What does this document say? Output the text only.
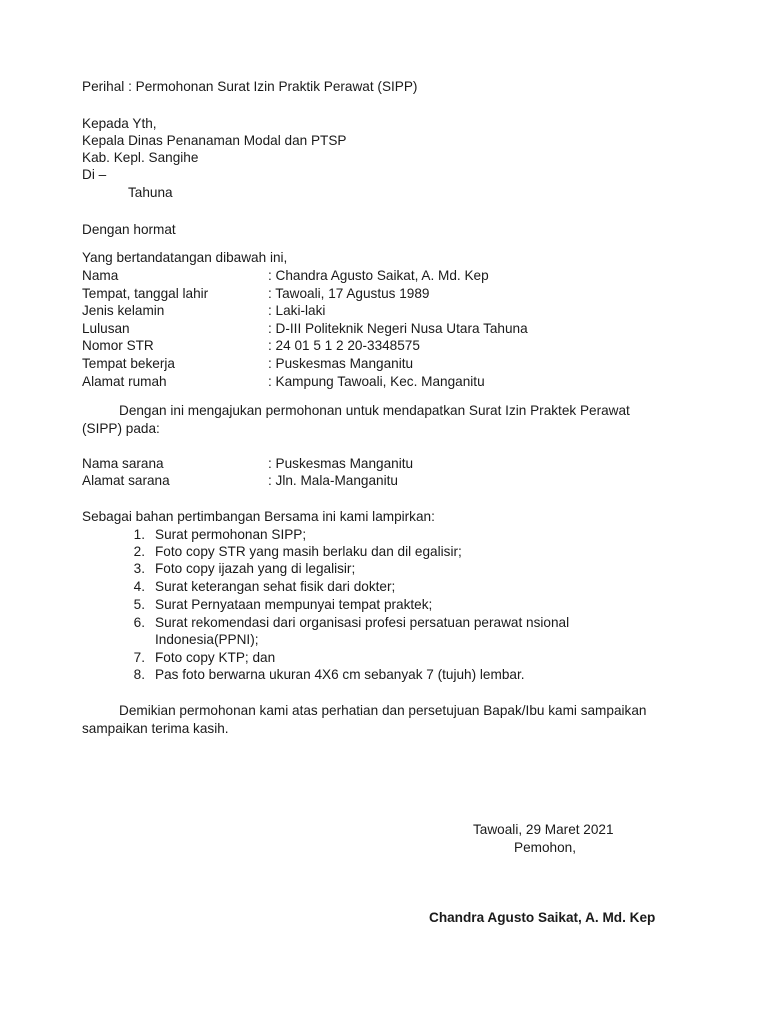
Perihal : Permohonan Surat Izin Praktik Perawat (SIPP)
Kepada Yth,
Kepala Dinas Penanaman Modal dan PTSP
Kab. Kepl. Sangihe
Di –
Tahuna
Dengan hormat
Yang bertandatangan dibawah ini,
Nama	: Chandra Agusto Saikat, A. Md. Kep
Tempat, tanggal lahir	: Tawoali, 17 Agustus 1989
Jenis kelamin	: Laki-laki
Lulusan	: D-III Politeknik Negeri Nusa Utara Tahuna
Nomor STR	: 24 01 5 1 2 20-3348575
Tempat bekerja	: Puskesmas Manganitu
Alamat rumah	: Kampung Tawoali, Kec. Manganitu
Dengan ini mengajukan permohonan untuk mendapatkan Surat Izin Praktek Perawat
(SIPP) pada:
Nama sarana	: Puskesmas Manganitu
Alamat sarana	: Jln. Mala-Manganitu
Sebagai bahan pertimbangan Bersama ini kami lampirkan:
1. Surat permohonan SIPP;
2. Foto copy STR yang masih berlaku dan dil egalisir;
3. Foto copy ijazah yang di legalisir;
4. Surat keterangan sehat fisik dari dokter;
5. Surat Pernyataan mempunyai tempat praktek;
6. Surat rekomendasi dari organisasi profesi persatuan perawat nsional
Indonesia(PPNI);
7. Foto copy KTP; dan
8. Pas foto berwarna ukuran 4X6 cm sebanyak 7 (tujuh) lembar.
Demikian permohonan kami atas perhatian dan persetujuan Bapak/Ibu kami sampaikan
sampaikan terima kasih.
Tawoali, 29 Maret 2021
Pemohon,
Chandra Agusto Saikat, A. Md. Kep
